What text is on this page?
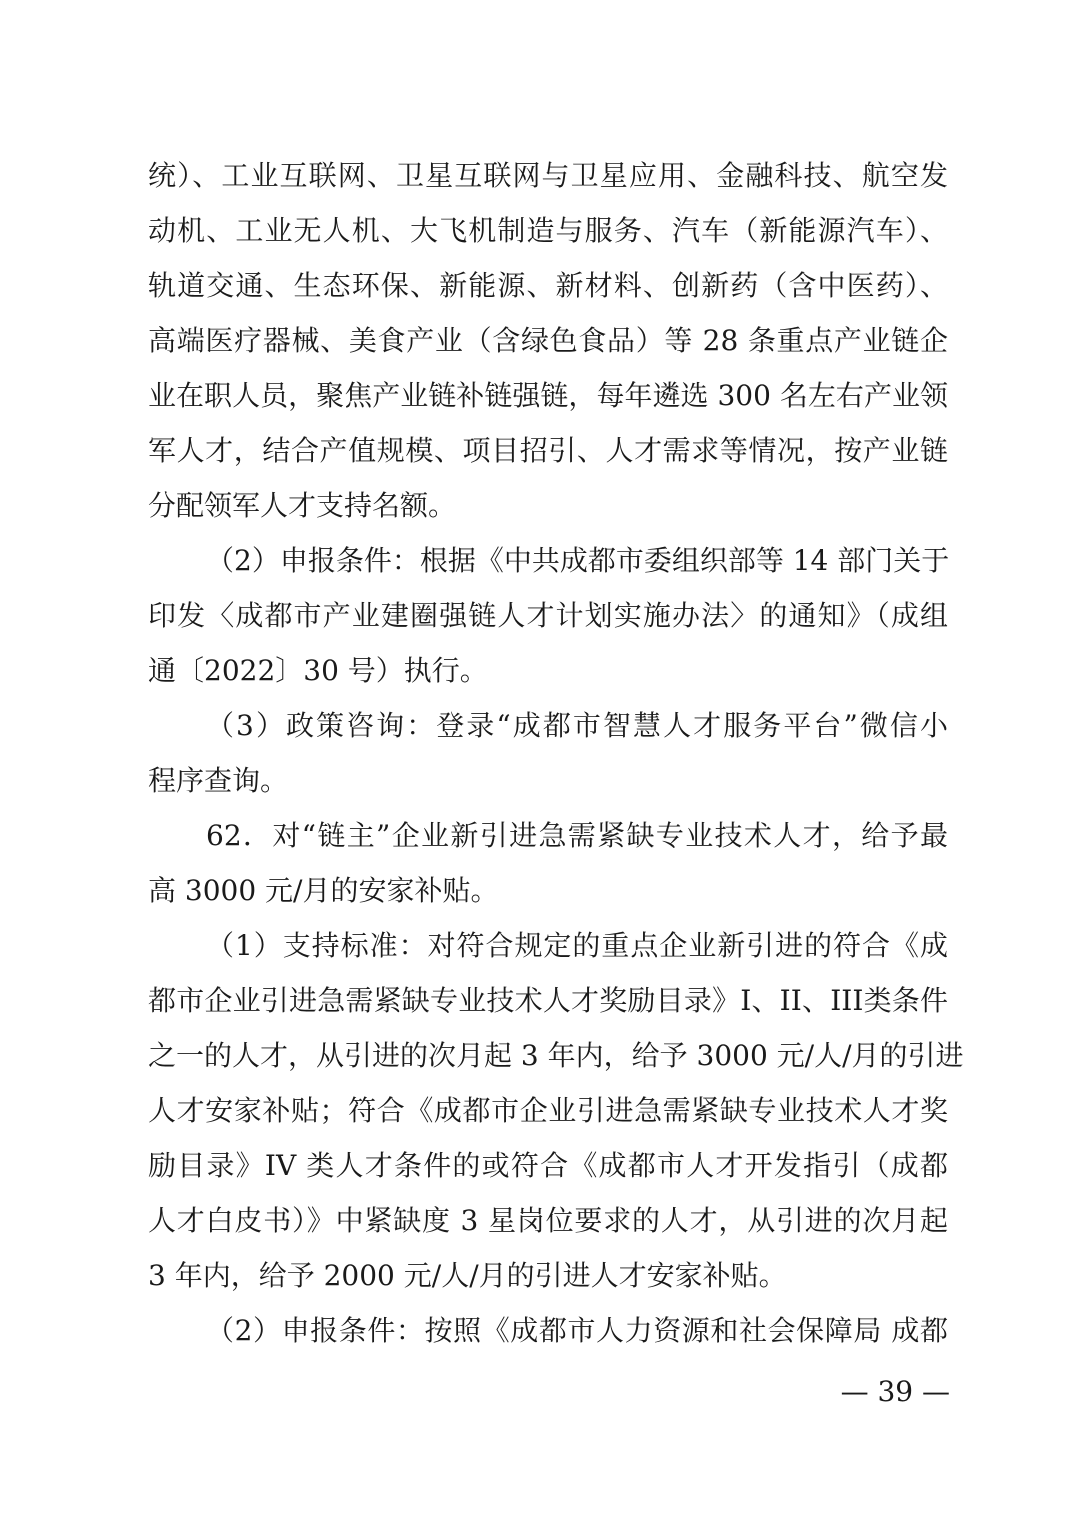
统）、工业互联网、卫星互联网与卫星应用、金融科技、航空发
动机、工业无人机、大飞机制造与服务、汽车（新能源汽车）、
轨道交通、生态环保、新能源、新材料、创新药（含中医药）、
高端医疗器械、美食产业（含绿色食品）等 28 条重点产业链企
业在职人员，聚焦产业链补链强链，每年遴选 300 名左右产业领
军人才，结合产值规模、项目招引、人才需求等情况，按产业链
分配领军人才支持名额。
（2）申报条件：根据《中共成都市委组织部等 14 部门关于
印发〈成都市产业建圈强链人才计划实施办法〉的通知》（成组
通〔2022〕30 号）执行。
（3）政策咨询：登录“成都市智慧人才服务平台”微信小
程序查询。
62．对“链主”企业新引进急需紧缺专业技术人才，给予最
高 3000 元/月的安家补贴。
（1）支持标准：对符合规定的重点企业新引进的符合《成
都市企业引进急需紧缺专业技术人才奖励目录》I、II、III类条件
之一的人才，从引进的次月起 3 年内，给予 3000 元/人/月的引进
人才安家补贴；符合《成都市企业引进急需紧缺专业技术人才奖
励目录》IV 类人才条件的或符合《成都市人才开发指引（成都
人才白皮书）》中紧缺度 3 星岗位要求的人才，从引进的次月起
3 年内，给予 2000 元/人/月的引进人才安家补贴。
（2）申报条件：按照《成都市人力资源和社会保障局 成都
— 39 —
